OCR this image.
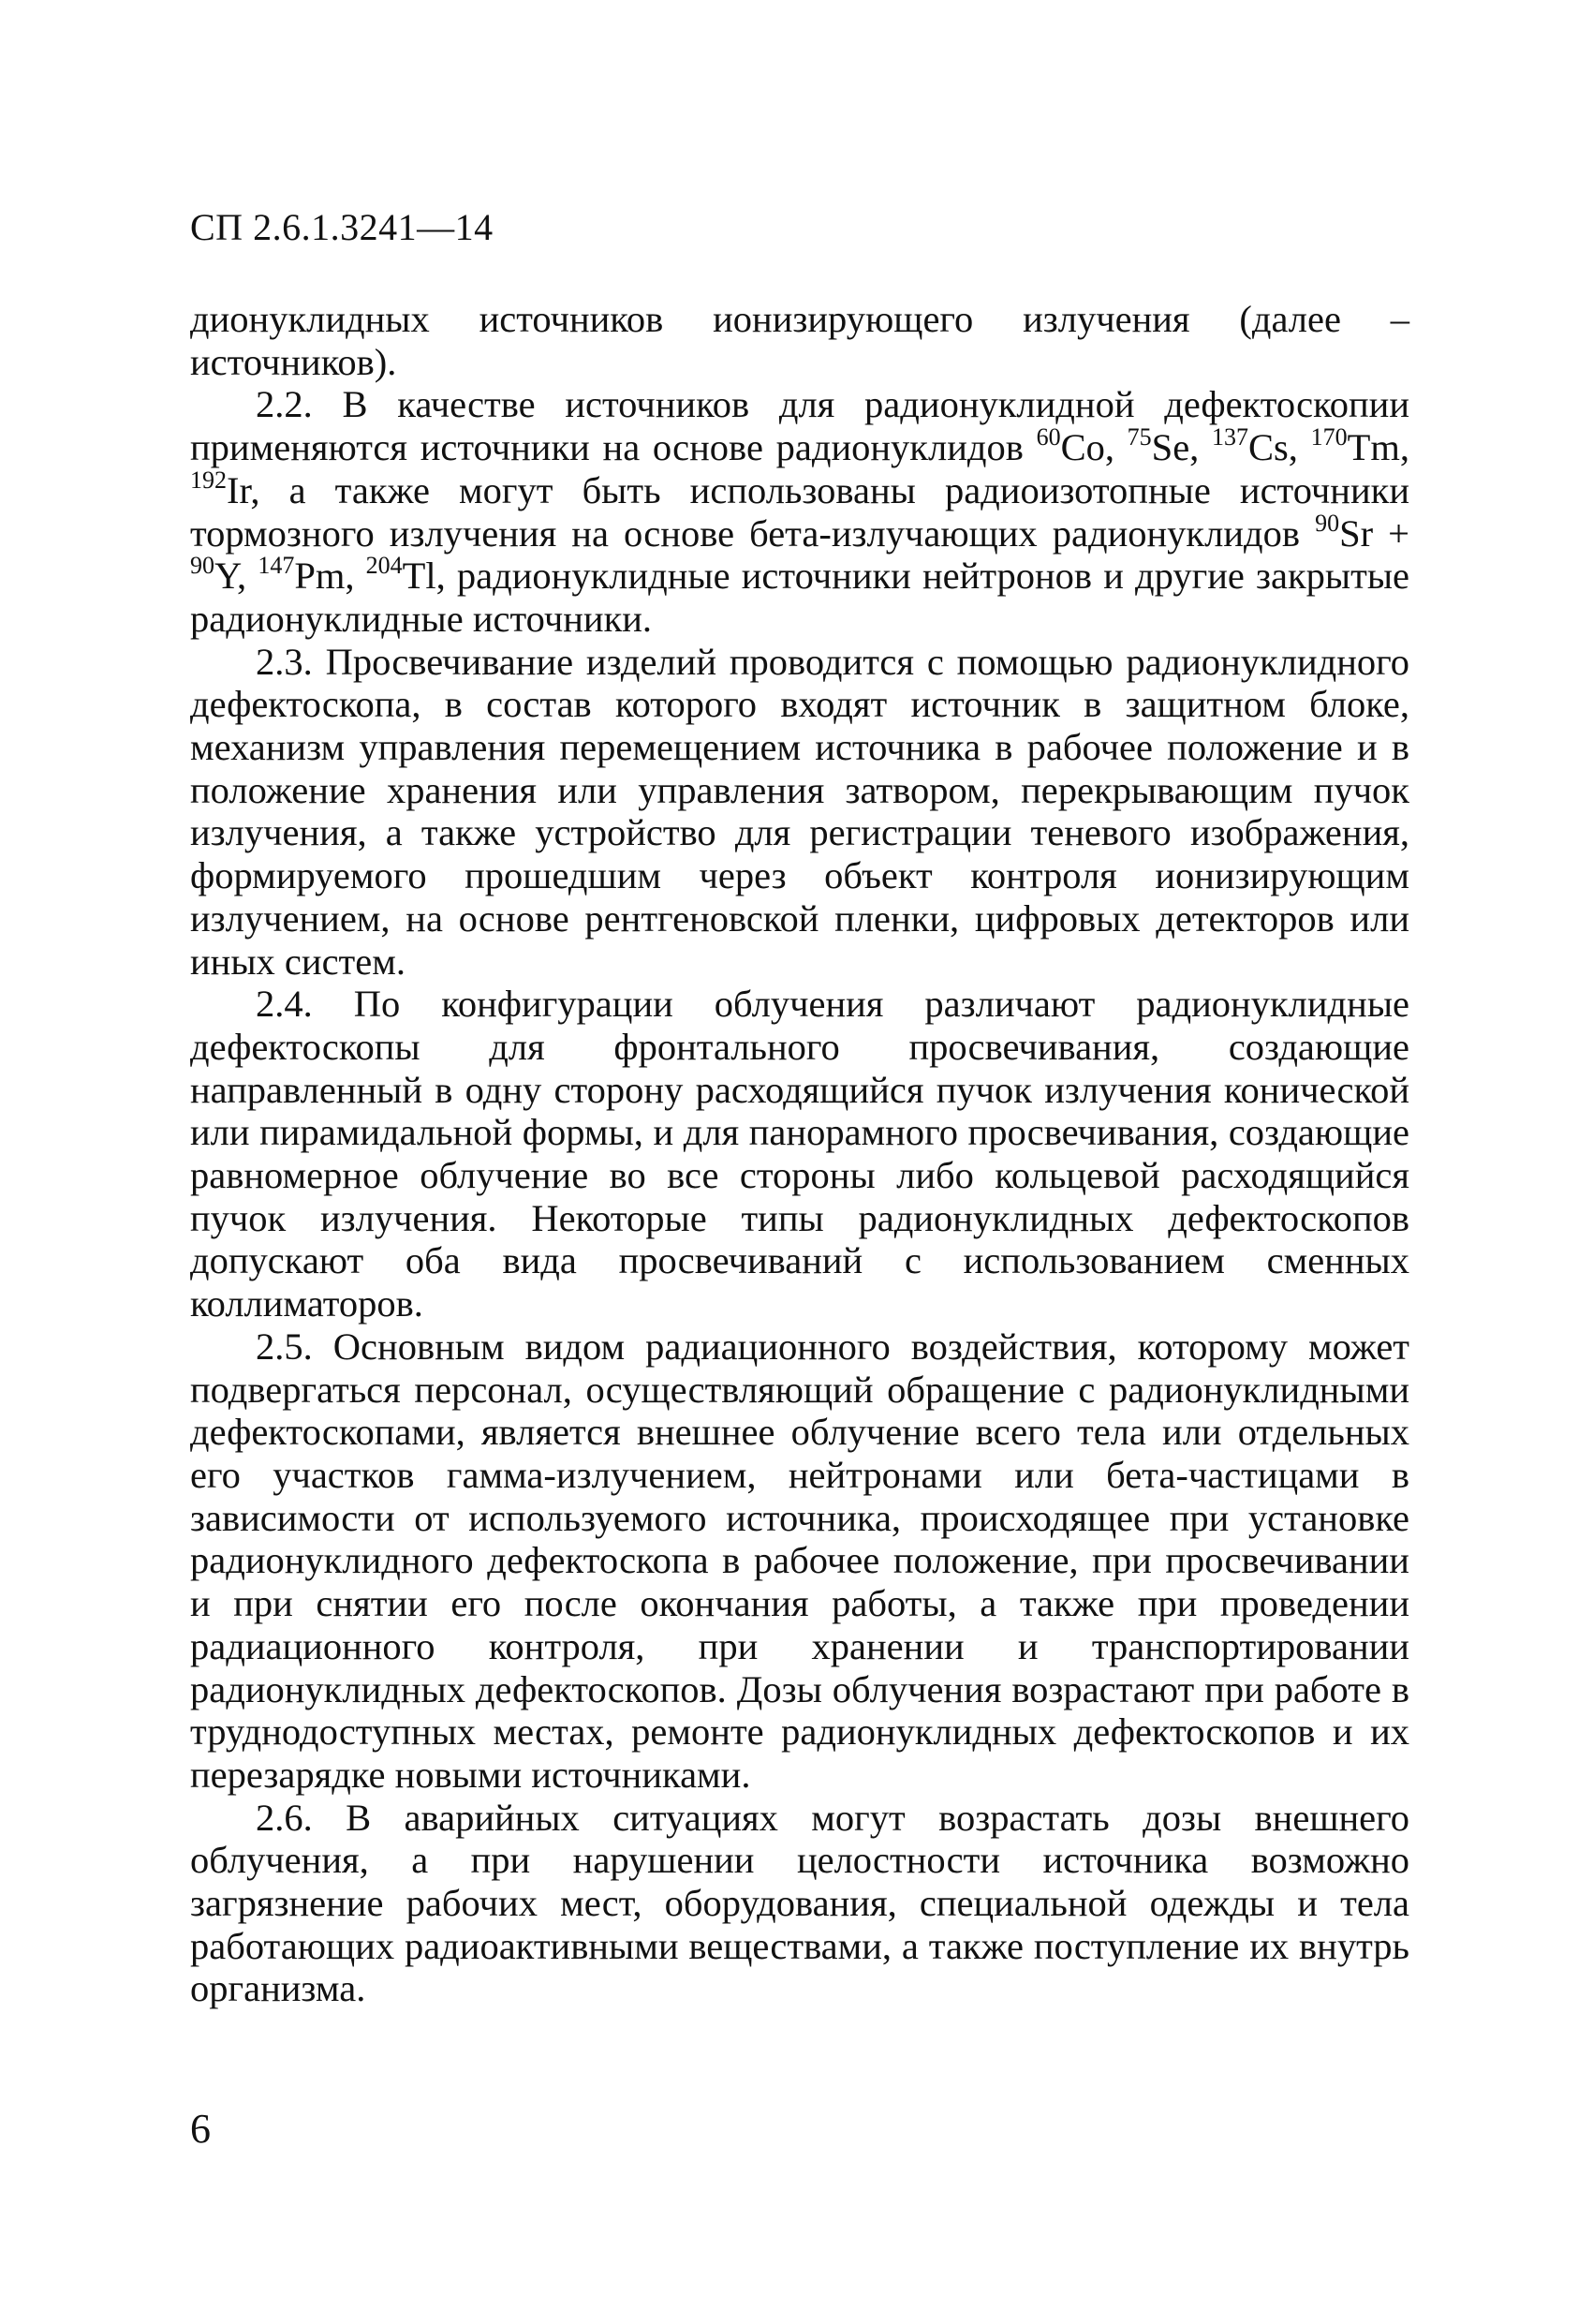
СП 2.6.1.3241—14

дионуклидных источников ионизирующего излучения (далее – источников).

2.2. В качестве источников для радионуклидной дефектоскопии применяются источники на основе радионуклидов $^{60}$Co, $^{75}$Se, $^{137}$Cs, $^{170}$Tm, $^{192}$Ir, а также могут быть использованы радиоизотопные источники тормозного излучения на основе бета-излучающих радионуклидов $^{90}$Sr + $^{90}$Y, $^{147}$Pm, $^{204}$Tl, радионуклидные источники нейтронов и другие закрытые радионуклидные источники.

2.3. Просвечивание изделий проводится с помощью радионуклидного дефектоскопа, в состав которого входят источник в защитном блоке, механизм управления перемещением источника в рабочее положение и в положение хранения или управления затвором, перекрывающим пучок излучения, а также устройство для регистрации теневого изображения, формируемого прошедшим через объект контроля ионизирующим излучением, на основе рентгеновской пленки, цифровых детекторов или иных систем.

2.4. По конфигурации облучения различают радионуклидные дефектоскопы для фронтального просвечивания, создающие направленный в одну сторону расходящийся пучок излучения конической или пирамидальной формы, и для панорамного просвечивания, создающие равномерное облучение во все стороны либо кольцевой расходящийся пучок излучения. Некоторые типы радионуклидных дефектоскопов допускают оба вида просвечиваний с использованием сменных коллиматоров.

2.5. Основным видом радиационного воздействия, которому может подвергаться персонал, осуществляющий обращение с радионуклидными дефектоскопами, является внешнее облучение всего тела или отдельных его участков гамма-излучением, нейтронами или бета-частицами в зависимости от используемого источника, происходящее при установке радионуклидного дефектоскопа в рабочее положение, при просвечивании и при снятии его после окончания работы, а также при проведении радиационного контроля, при хранении и транспортировании радионуклидных дефектоскопов. Дозы облучения возрастают при работе в труднодоступных местах, ремонте радионуклидных дефектоскопов и их перезарядке новыми источниками.

2.6. В аварийных ситуациях могут возрастать дозы внешнего облучения, а при нарушении целостности источника возможно загрязнение рабочих мест, оборудования, специальной одежды и тела работающих радиоактивными веществами, а также поступление их внутрь организма.

6
